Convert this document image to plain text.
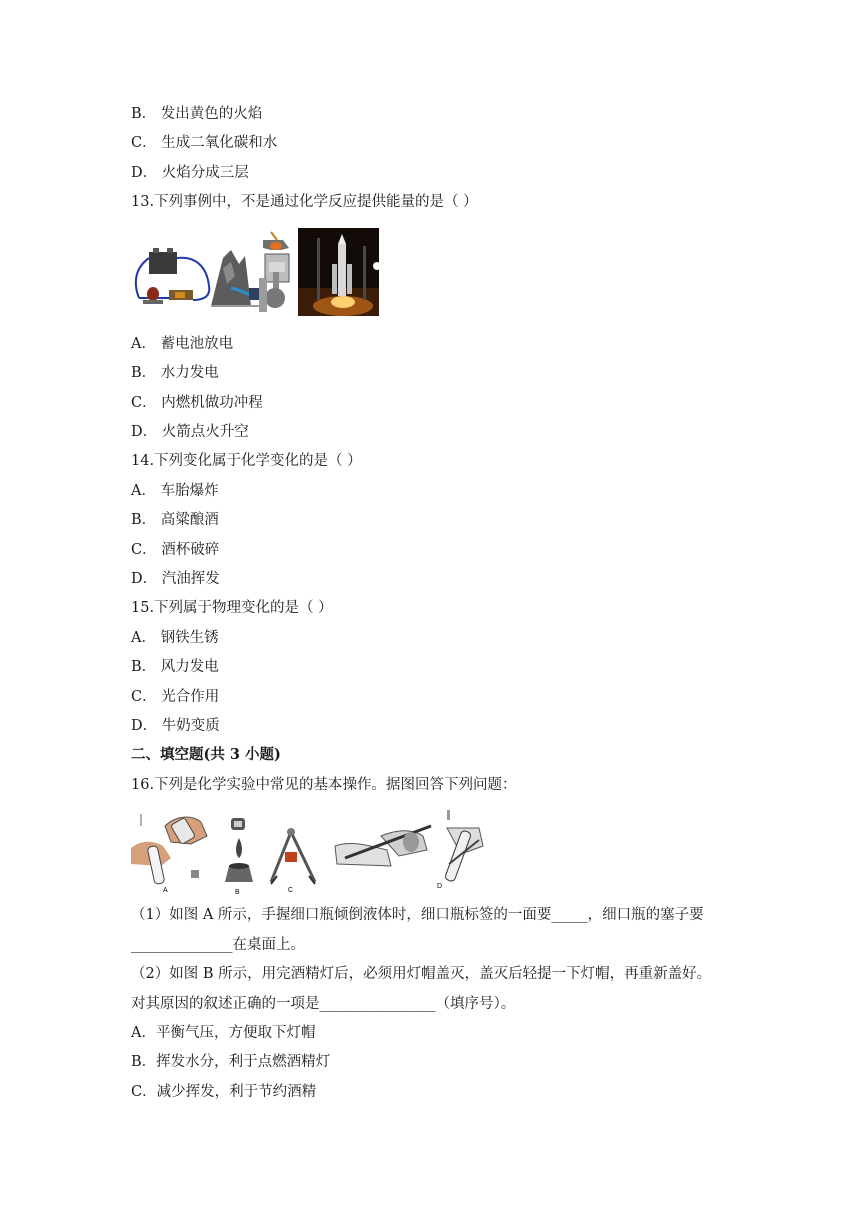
B． 发出黄色的火焰
C． 生成二氧化碳和水
D． 火焰分成三层
13.下列事例中，不是通过化学反应提供能量的是（ ）
A． 蓄电池放电
B． 水力发电
C． 内燃机做功冲程
D． 火箭点火升空
14.下列变化属于化学变化的是（ ）
A． 车胎爆炸
B． 高粱酿酒
C． 酒杯破碎
D． 汽油挥发
15.下列属于物理变化的是（ ）
A． 钢铁生锈
B． 风力发电
C． 光合作用
D． 牛奶变质
二、填空题(共 3 小题)
16.下列是化学实验中常见的基本操作。据图回答下列问题：
A	B	C
D
（1）如图 A 所示，手握细口瓶倾倒液体时，细口瓶标签的一面要_____，细口瓶的塞子要
______________在桌面上。
（2）如图 B 所示，用完酒精灯后，必须用灯帽盖灭，盖灭后轻提一下灯帽，再重新盖好。
对其原因的叙述正确的一项是________________（填序号）。
A．平衡气压，方便取下灯帽
B．挥发水分，利于点燃酒精灯
C．减少挥发，利于节约酒精
